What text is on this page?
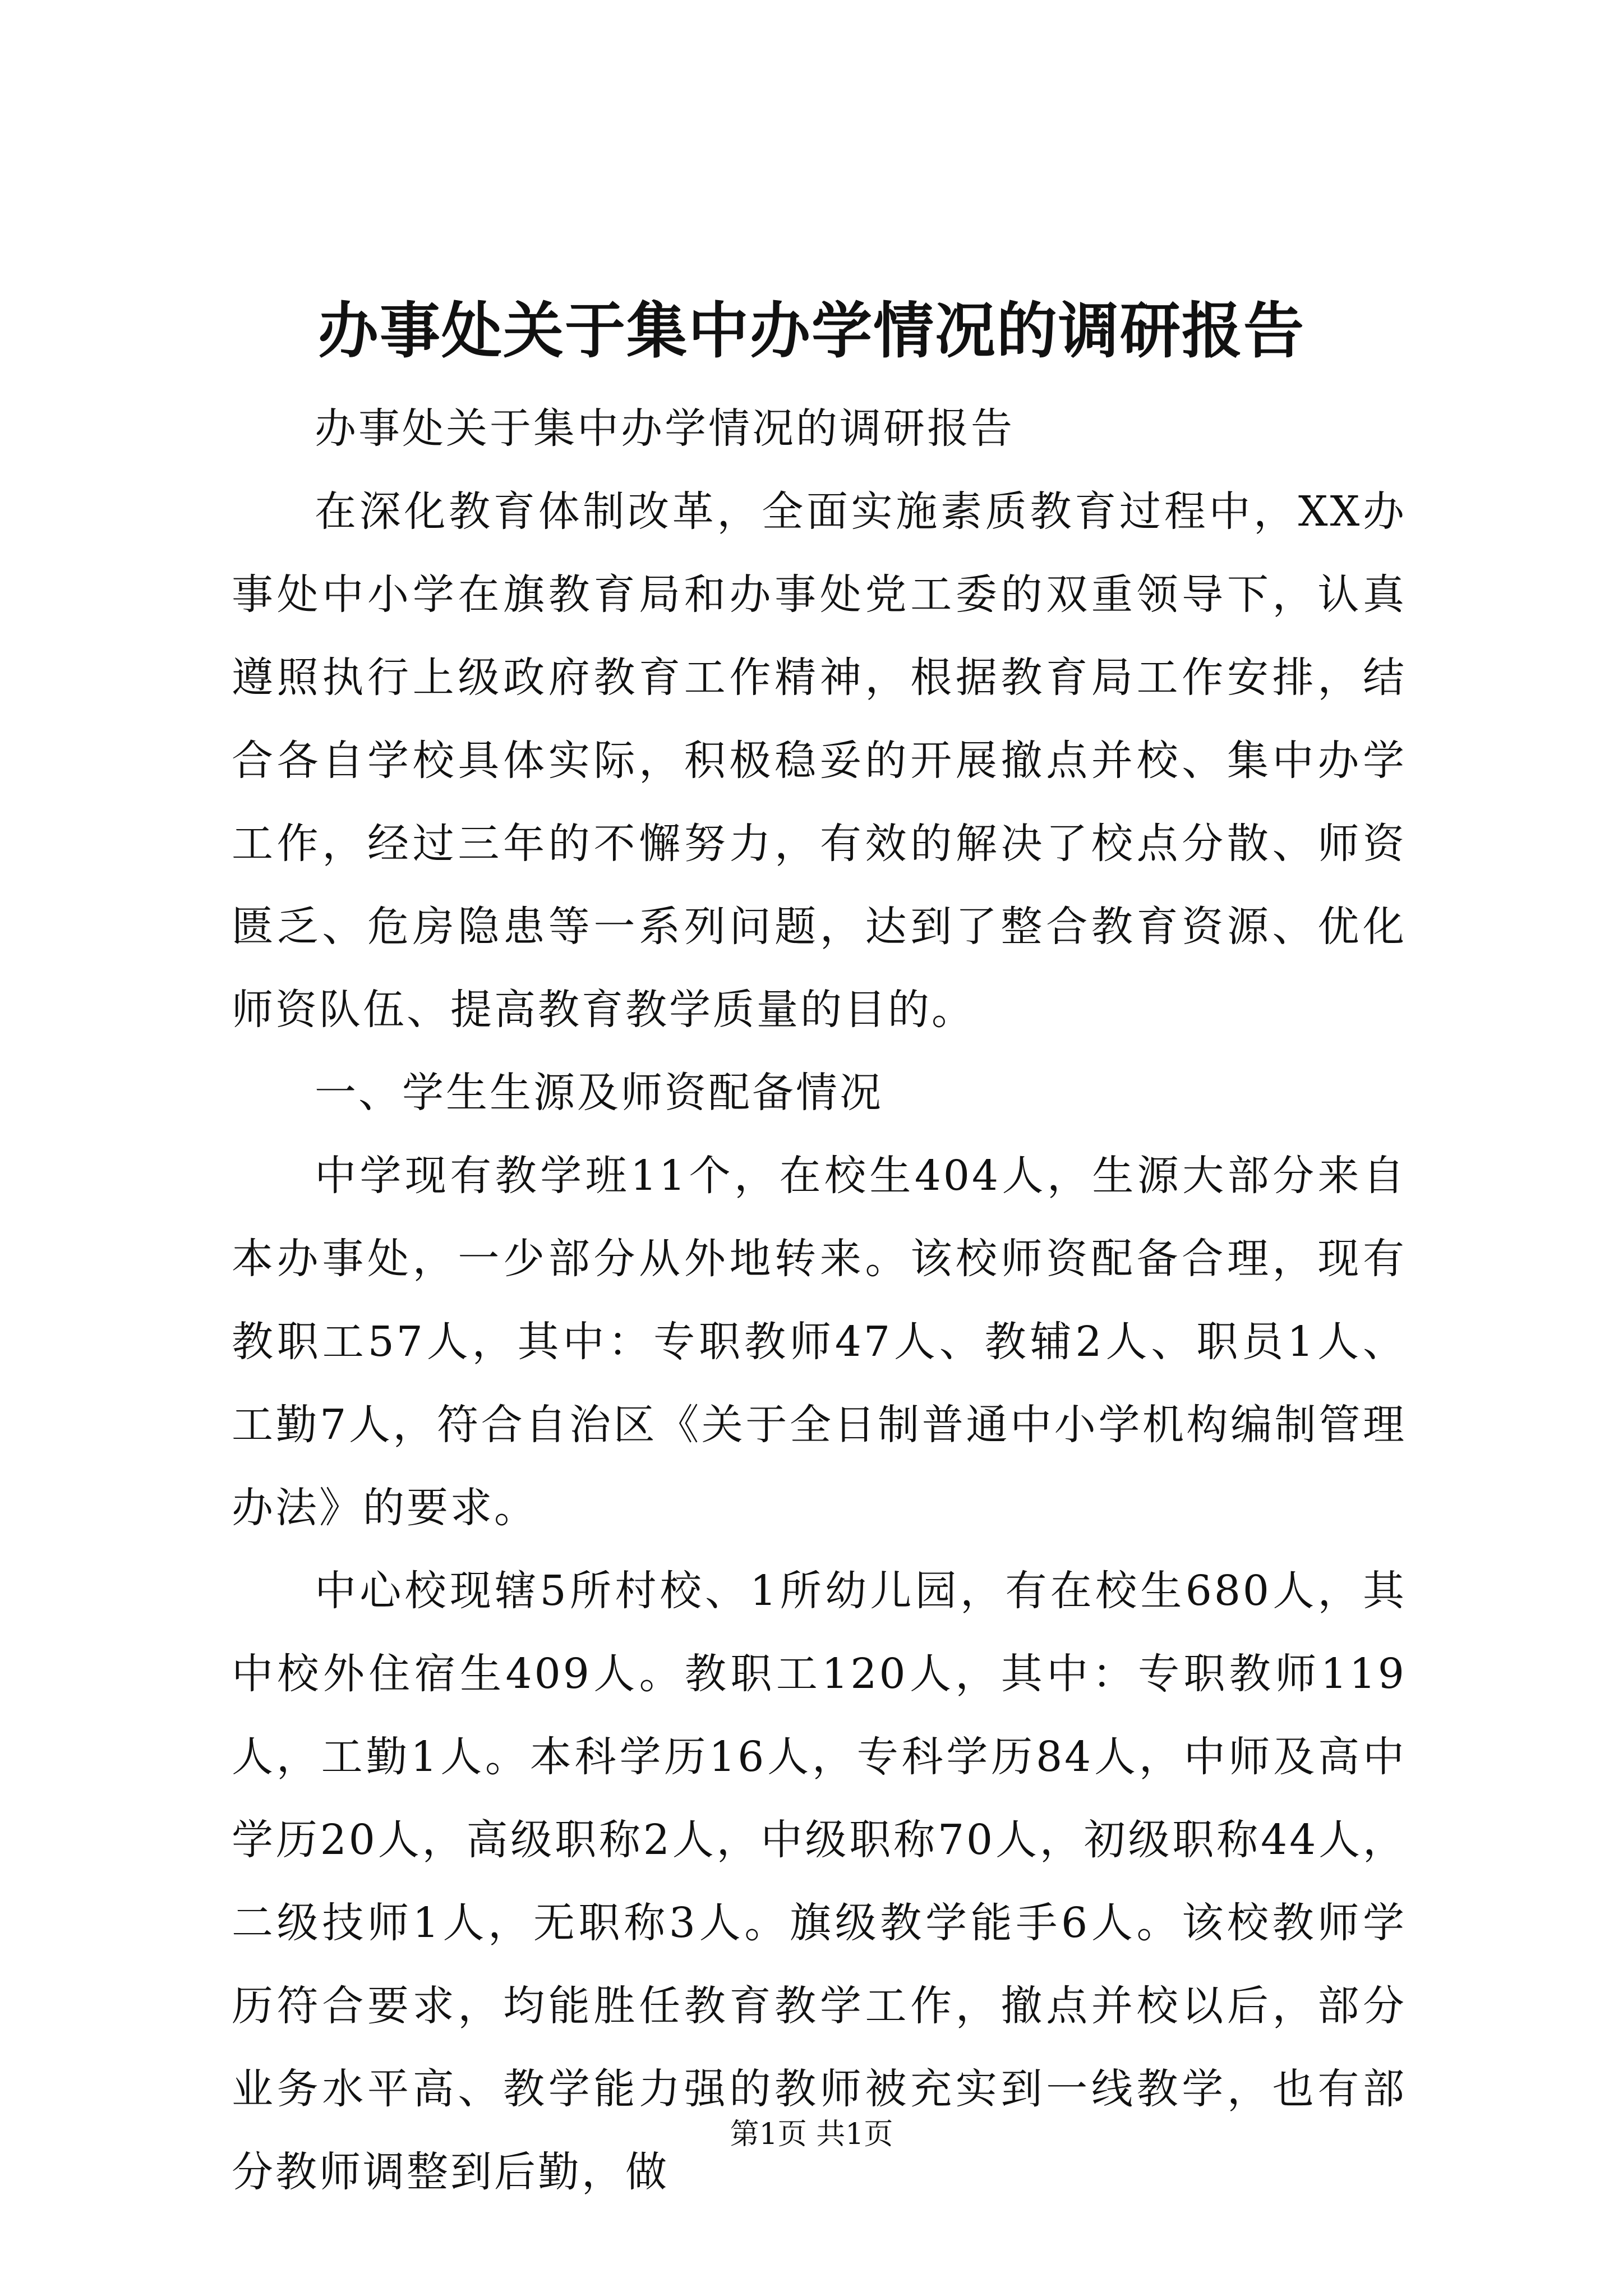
办事处关于集中办学情况的调研报告

办事处关于集中办学情况的调研报告

在深化教育体制改革，全面实施素质教育过程中，XX办事处中小学在旗教育局和办事处党工委的双重领导下，认真遵照执行上级政府教育工作精神，根据教育局工作安排，结合各自学校具体实际，积极稳妥的开展撤点并校、集中办学工作，经过三年的不懈努力，有效的解决了校点分散、师资匮乏、危房隐患等一系列问题，达到了整合教育资源、优化师资队伍、提高教育教学质量的目的。

一、学生生源及师资配备情况

中学现有教学班11个，在校生404人，生源大部分来自本办事处，一少部分从外地转来。该校师资配备合理，现有教职工57人，其中：专职教师47人、教辅2人、职员1人、工勤7人，符合自治区《关于全日制普通中小学机构编制管理办法》的要求。

中心校现辖5所村校、1所幼儿园，有在校生680人，其中校外住宿生409人。教职工120人，其中：专职教师119人，工勤1人。本科学历16人，专科学历84人，中师及高中学历20人，高级职称2人，中级职称70人，初级职称44人，二级技师1人，无职称3人。旗级教学能手6人。该校教师学历符合要求，均能胜任教育教学工作，撤点并校以后，部分业务水平高、教学能力强的教师被充实到一线教学，也有部分教师调整到后勤，做

第1页 共1页
